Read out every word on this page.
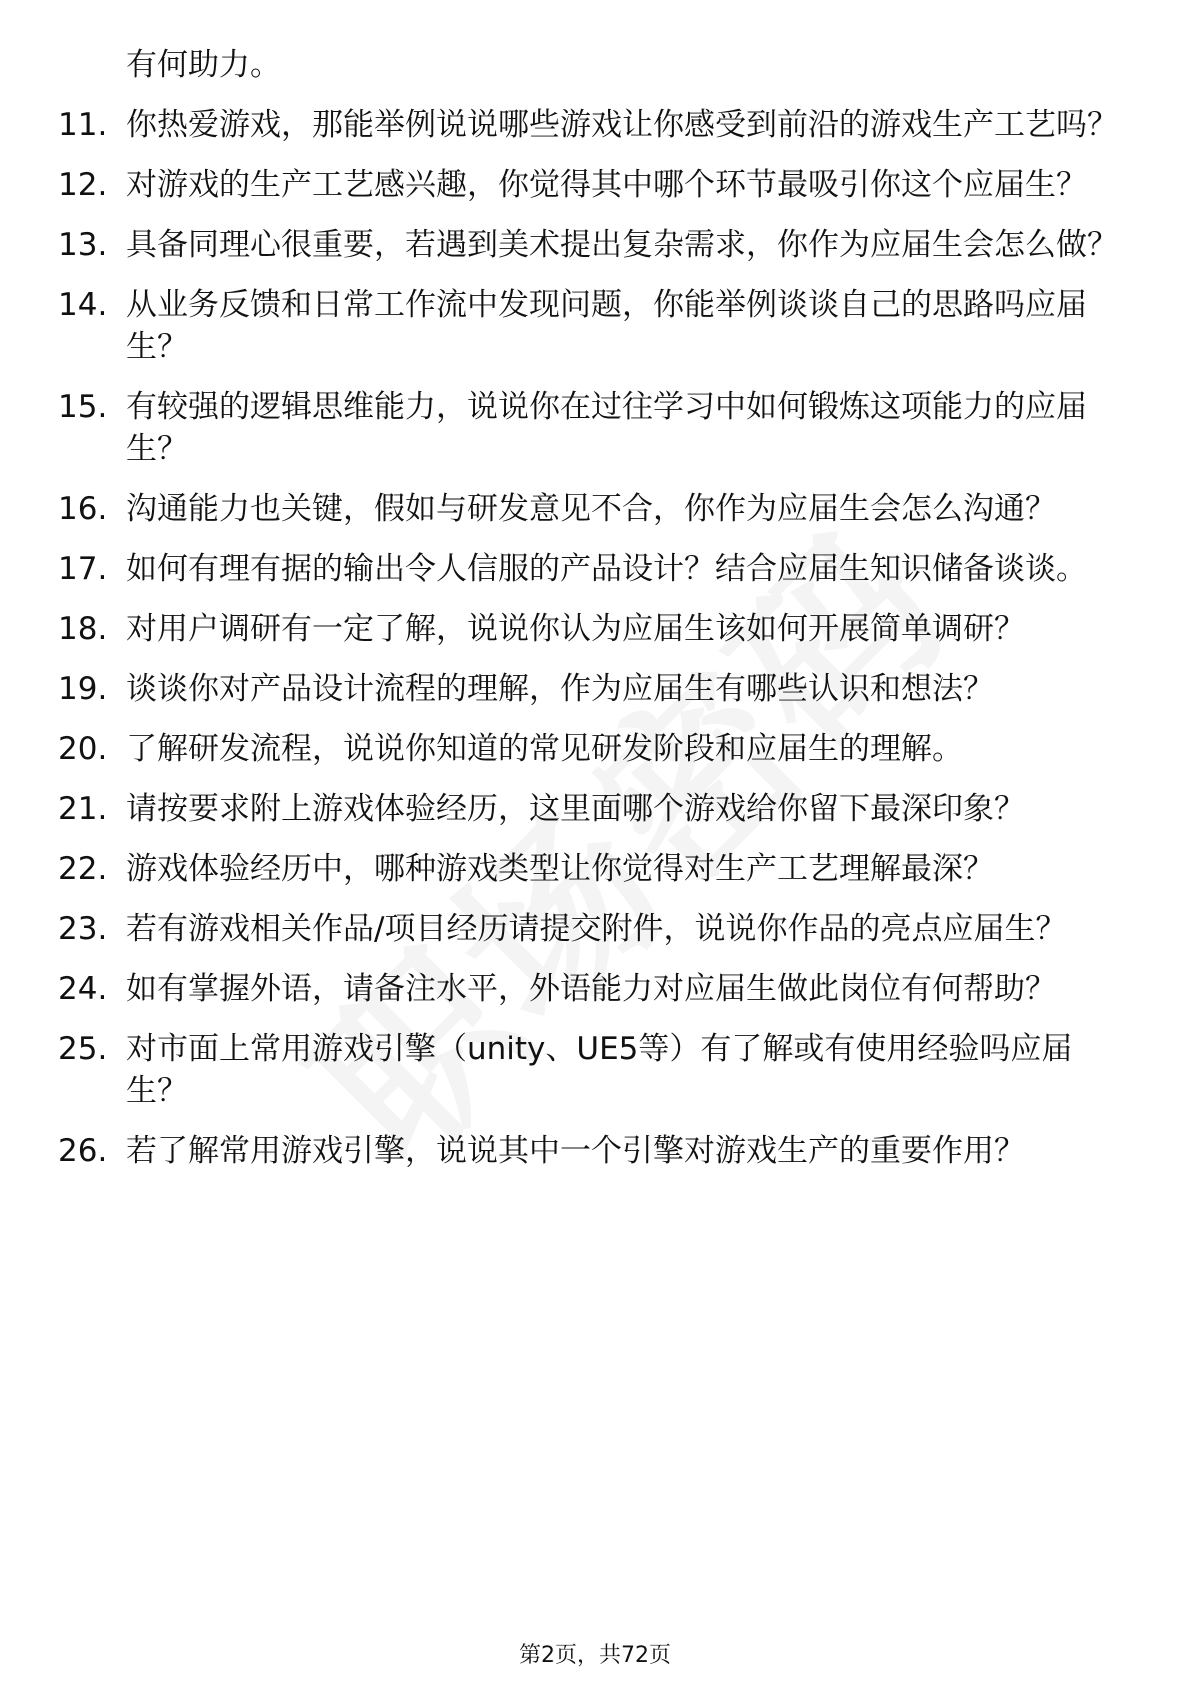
有何助力。
11. 你热爱游戏，那能举例说说哪些游戏让你感受到前沿的游戏生产工艺吗？
12. 对游戏的生产工艺感兴趣，你觉得其中哪个环节最吸引你这个应届生？
13. 具备同理心很重要，若遇到美术提出复杂需求，你作为应届生会怎么做？
14. 从业务反馈和日常工作流中发现问题，你能举例谈谈自己的思路吗应届生？
15. 有较强的逻辑思维能力，说说你在过往学习中如何锻炼这项能力的应届生？
16. 沟通能力也关键，假如与研发意见不合，你作为应届生会怎么沟通？
17. 如何有理有据的输出令人信服的产品设计？结合应届生知识储备谈谈。
18. 对用户调研有一定了解，说说你认为应届生该如何开展简单调研？
19. 谈谈你对产品设计流程的理解，作为应届生有哪些认识和想法？
20. 了解研发流程，说说你知道的常见研发阶段和应届生的理解。
21. 请按要求附上游戏体验经历，这里面哪个游戏给你留下最深印象？
22. 游戏体验经历中，哪种游戏类型让你觉得对生产工艺理解最深？
23. 若有游戏相关作品/项目经历请提交附件，说说你作品的亮点应届生？
24. 如有掌握外语，请备注水平，外语能力对应届生做此岗位有何帮助？
25. 对市面上常用游戏引擎（unity、UE5等）有了解或有使用经验吗应届生？
26. 若了解常用游戏引擎，说说其中一个引擎对游戏生产的重要作用？
第2页，共72页
